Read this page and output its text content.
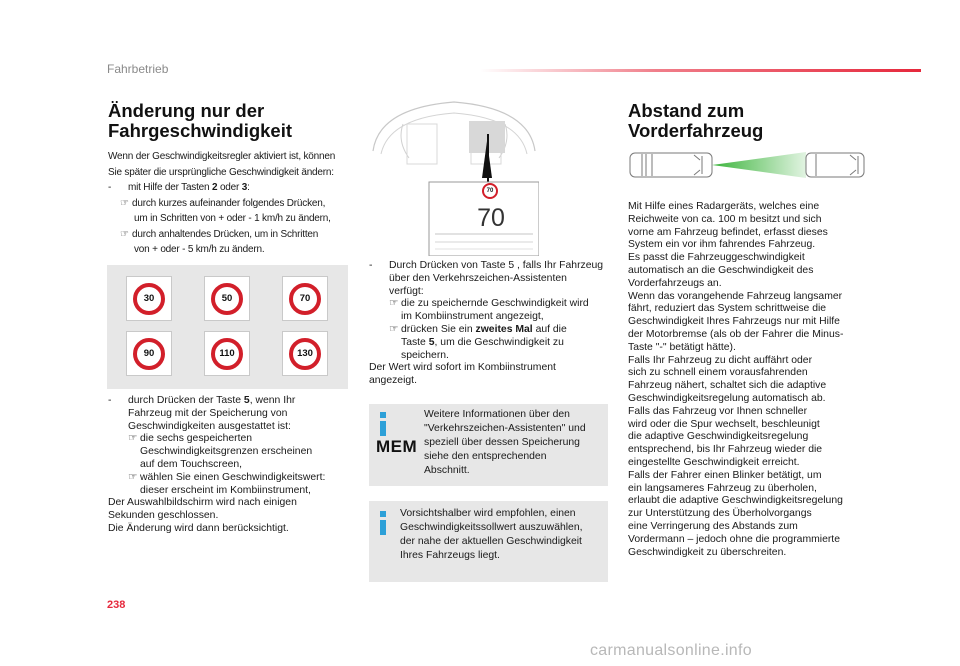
Fahrbetrieb
238
Änderung nur der
Fahrgeschwindigkeit
Wenn der Geschwindigkeitsregler aktiviert ist, können
Sie später die ursprüngliche Geschwindigkeit ändern:
-	mit Hilfe der Tasten 2 oder 3:
☞ durch kurzes aufeinander folgendes Drücken,
um in Schritten von + oder - 1 km/h zu ändern,
☞ durch anhaltendes Drücken, um in Schritten
von + oder - 5 km/h zu ändern.
30	50	70
90	110	130
-	durch Drücken der Taste 5, wenn Ihr
Fahrzeug mit der Speicherung von
Geschwindigkeiten ausgestattet ist:
☞ die sechs gespeicherten
Geschwindigkeitsgrenzen erscheinen
auf dem Touchscreen,
☞ wählen Sie einen Geschwindigkeitswert:
dieser erscheint im Kombiinstrument,
Der Auswahlbildschirm wird nach einigen
Sekunden geschlossen.
Die Änderung wird dann berücksichtigt.
70
70
-	Durch Drücken von Taste 5 , falls Ihr Fahrzeug
über den Verkehrszeichen-Assistenten
verfügt:
☞ die zu speichernde Geschwindigkeit wird
im Kombiinstrument angezeigt,
☞ drücken Sie ein zweites Mal auf die
Taste 5, um die Geschwindigkeit zu
speichern.
Der Wert wird sofort im Kombiinstrument
angezeigt.
MEM
Weitere Informationen über den
"Verkehrszeichen-Assistenten" und
speziell über dessen Speicherung
siehe den entsprechenden
Abschnitt.
Vorsichtshalber wird empfohlen, einen
Geschwindigkeitssollwert auszuwählen,
der nahe der aktuellen Geschwindigkeit
Ihres Fahrzeugs liegt.
Abstand zum
Vorderfahrzeug
Mit Hilfe eines Radargeräts, welches eine
Reichweite von ca. 100 m besitzt und sich
vorne am Fahrzeug befindet, erfasst dieses
System ein vor ihm fahrendes Fahrzeug.
Es passt die Fahrzeuggeschwindigkeit
automatisch an die Geschwindigkeit des
Vorderfahrzeugs an.
Wenn das vorangehende Fahrzeug langsamer
fährt, reduziert das System schrittweise die
Geschwindigkeit Ihres Fahrzeugs nur mit Hilfe
der Motorbremse (als ob der Fahrer die Minus-
Taste "-" betätigt hätte).
Falls Ihr Fahrzeug zu dicht auffährt oder
sich zu schnell einem vorausfahrenden
Fahrzeug nähert, schaltet sich die adaptive
Geschwindigkeitsregelung automatisch ab.
Falls das Fahrzeug vor Ihnen schneller
wird oder die Spur wechselt, beschleunigt
die adaptive Geschwindigkeitsregelung
entsprechend, bis Ihr Fahrzeug wieder die
eingestellte Geschwindigkeit erreicht.
Falls der Fahrer einen Blinker betätigt, um
ein langsameres Fahrzeug zu überholen,
erlaubt die adaptive Geschwindigkeitsregelung
zur Unterstützung des Überholvorgangs
eine Verringerung des Abstands zum
Vordermann – jedoch ohne die programmierte
Geschwindigkeit zu überschreiten.
carmanualsonline.info
